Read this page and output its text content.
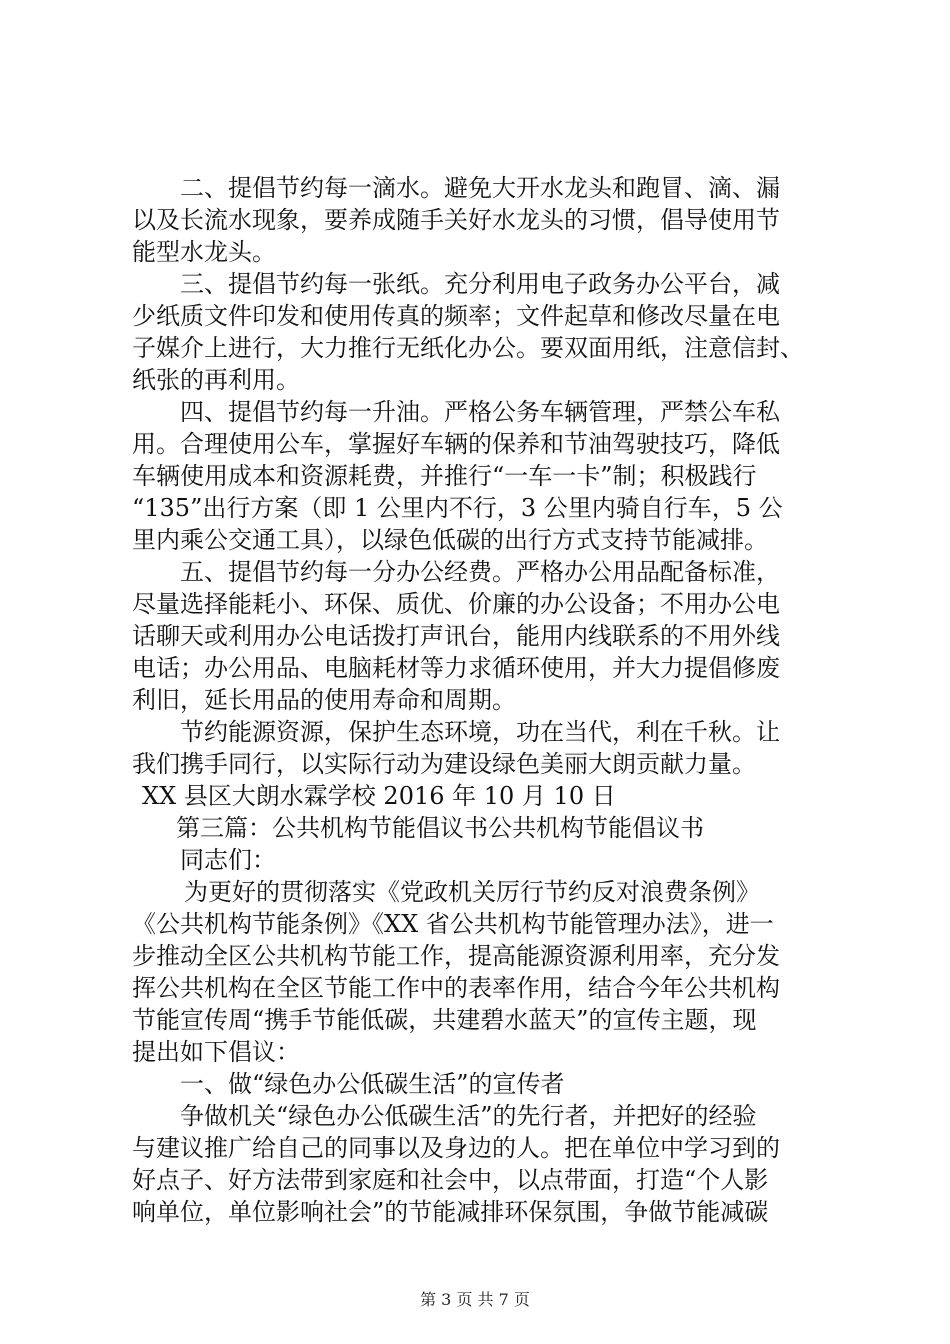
二、提倡节约每一滴水。避免大开水龙头和跑冒、滴、漏
以及长流水现象，要养成随手关好水龙头的习惯，倡导使用节
能型水龙头。
三、提倡节约每一张纸。充分利用电子政务办公平台，减
少纸质文件印发和使用传真的频率；文件起草和修改尽量在电
子媒介上进行，大力推行无纸化办公。要双面用纸，注意信封、
纸张的再利用。
四、提倡节约每一升油。严格公务车辆管理，严禁公车私
用。合理使用公车，掌握好车辆的保养和节油驾驶技巧，降低
车辆使用成本和资源耗费，并推行“一车一卡”制；积极践行
“135”出行方案（即 1 公里内不行，3 公里内骑自行车，5 公
里内乘公交通工具），以绿色低碳的出行方式支持节能减排。
五、提倡节约每一分办公经费。严格办公用品配备标准，
尽量选择能耗小、环保、质优、价廉的办公设备；不用办公电
话聊天或利用办公电话拨打声讯台，能用内线联系的不用外线
电话；办公用品、电脑耗材等力求循环使用，并大力提倡修废
利旧，延长用品的使用寿命和周期。
节约能源资源，保护生态环境，功在当代，利在千秋。让
我们携手同行，以实际行动为建设绿色美丽大朗贡献力量。
XX 县区大朗水霖学校 2016 年 10 月 10 日
第三篇：公共机构节能倡议书公共机构节能倡议书
同志们：
为更好的贯彻落实《党政机关厉行节约反对浪费条例》
《公共机构节能条例》《XX 省公共机构节能管理办法》，进一
步推动全区公共机构节能工作，提高能源资源利用率，充分发
挥公共机构在全区节能工作中的表率作用，结合今年公共机构
节能宣传周“携手节能低碳，共建碧水蓝天”的宣传主题，现
提出如下倡议：
一、做“绿色办公低碳生活”的宣传者
争做机关“绿色办公低碳生活”的先行者，并把好的经验
与建议推广给自己的同事以及身边的人。把在单位中学习到的
好点子、好方法带到家庭和社会中，以点带面，打造“个人影
响单位，单位影响社会”的节能减排环保氛围，争做节能减碳
第 3 页 共 7 页
